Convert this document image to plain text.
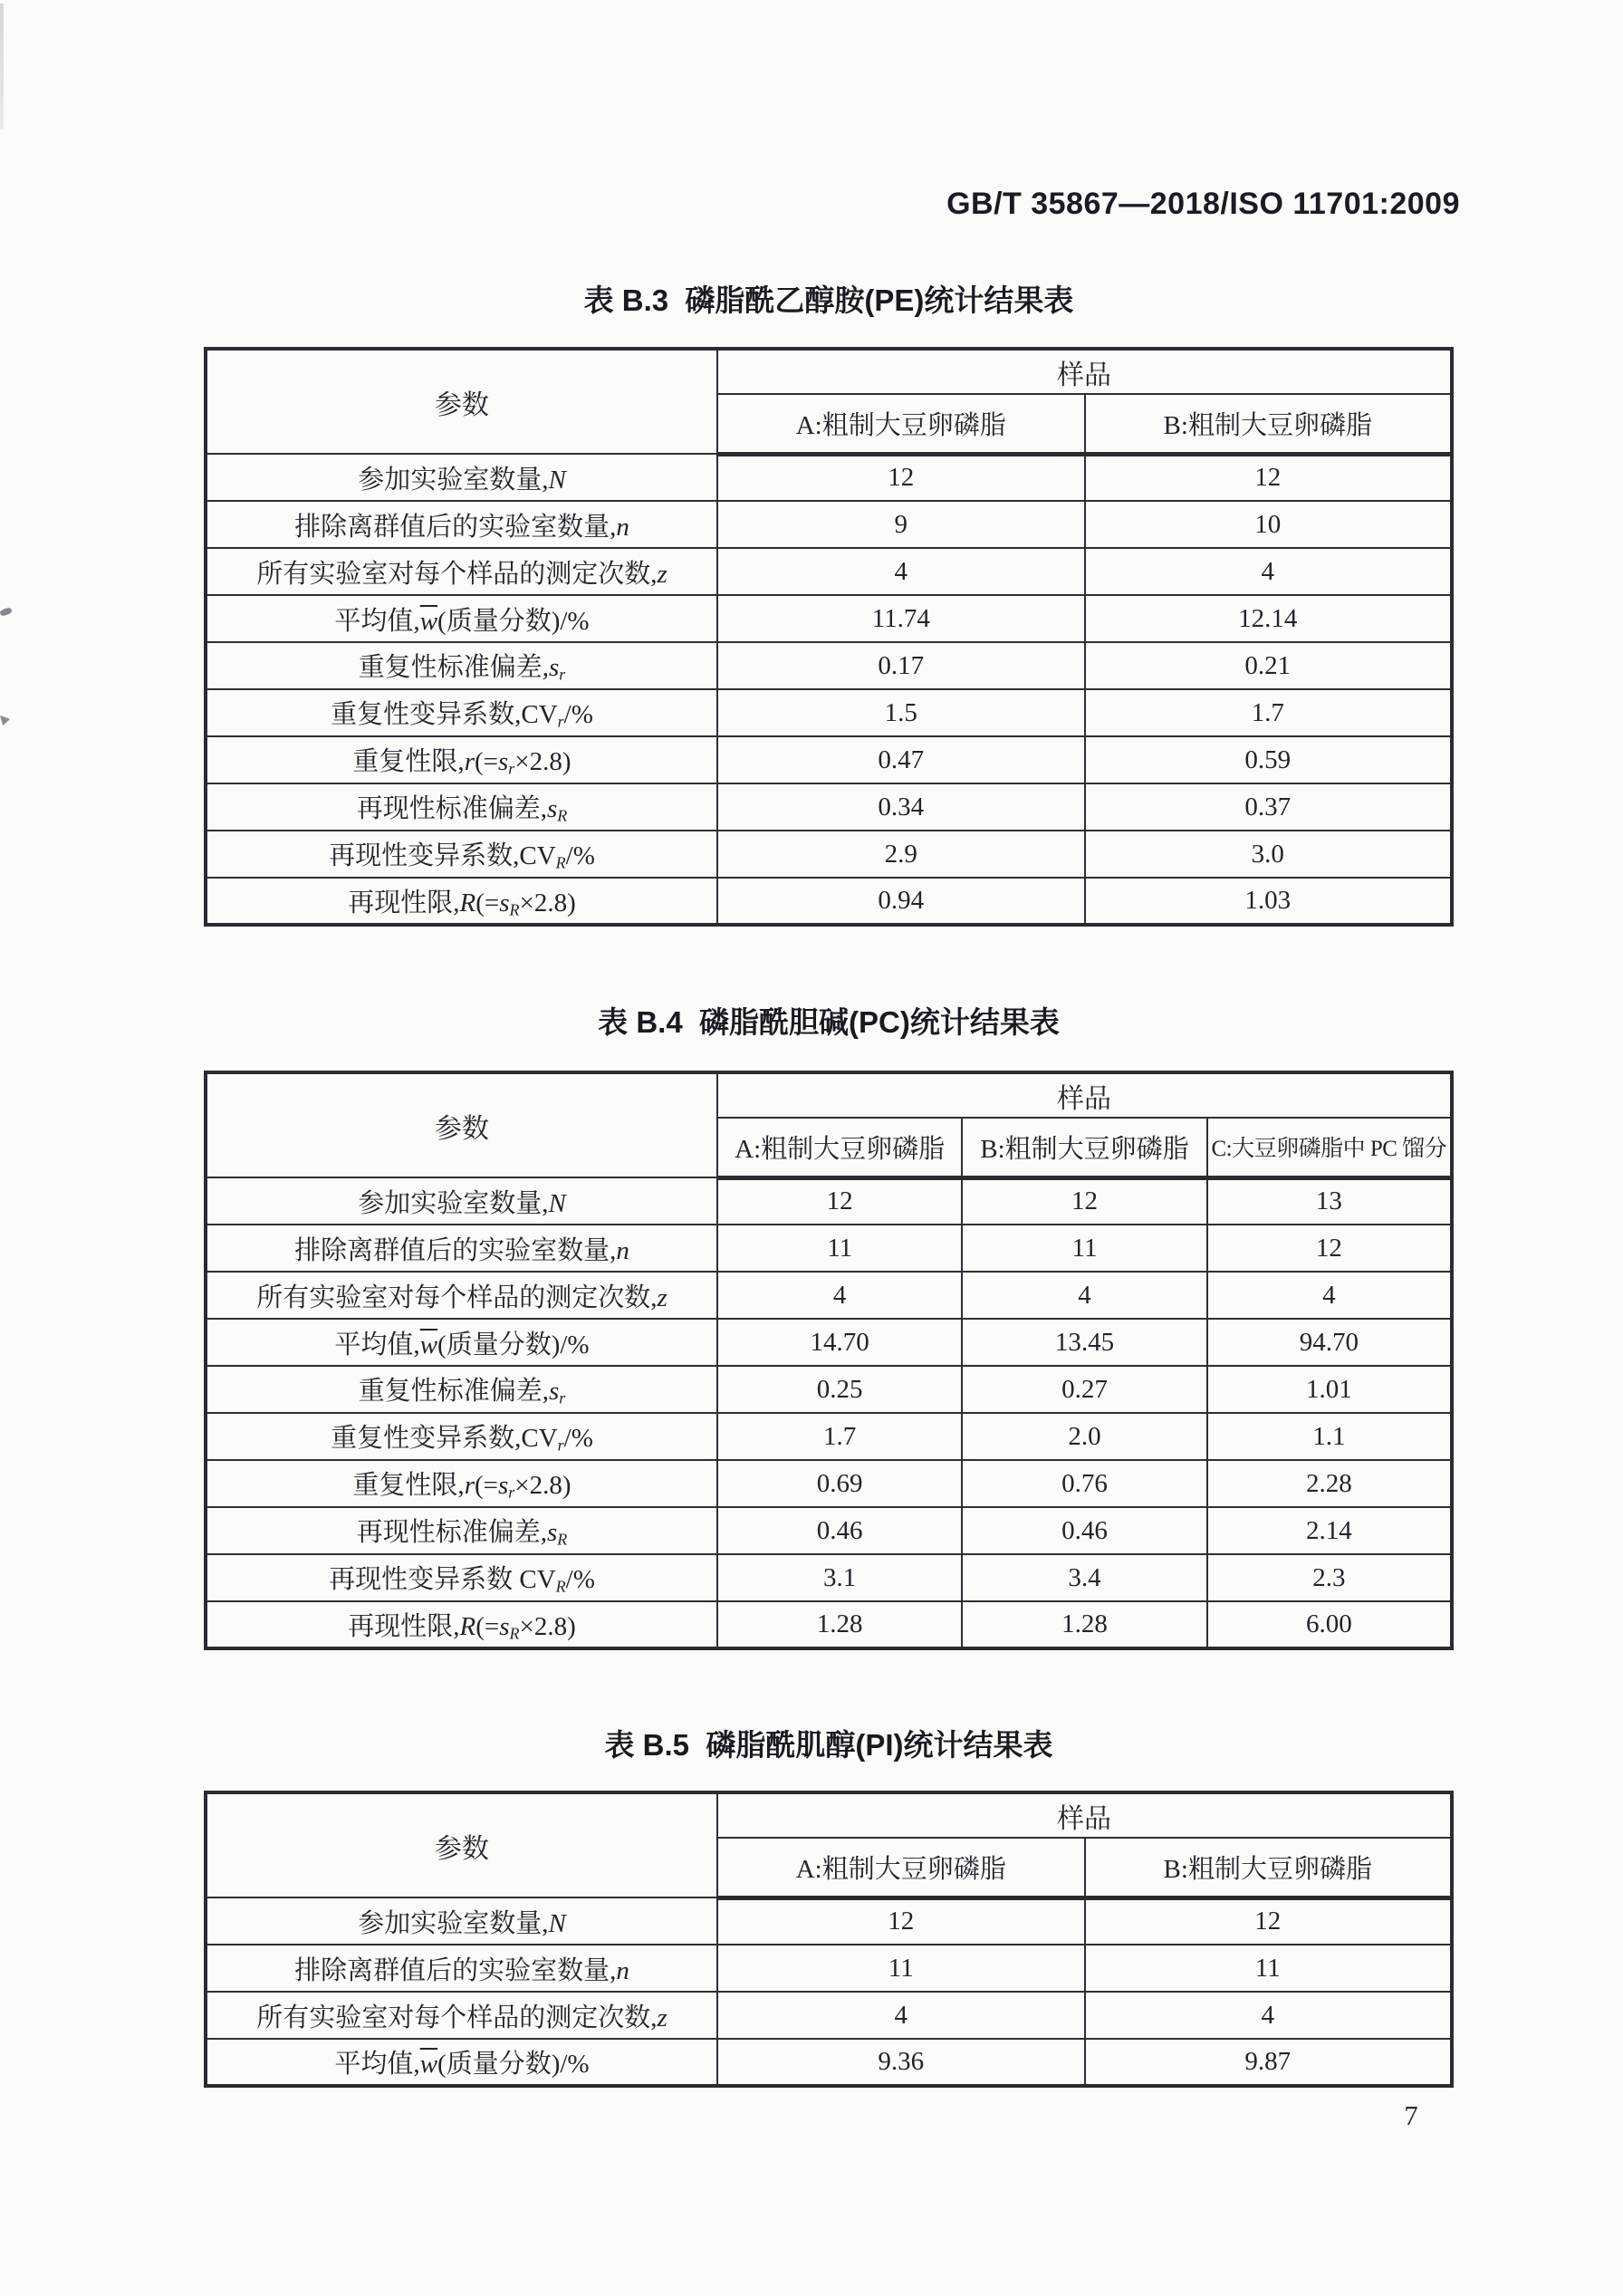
GB/T 35867—2018/ISO 11701:2009
表 B.3  磷脂酰乙醇胺(PE)统计结果表
参数	样品	
	A:粗制大豆卵磷脂	B:粗制大豆卵磷脂
参加实验室数量,N	12	12
排除离群值后的实验室数量,n	9	10
所有实验室对每个样品的测定次数,z	4	4
平均值$,\overline{w}$(质量分数)/%	11.74	12.14
重复性标准偏差,sr	0.17	0.21
重复性变异系数,CVr/%	1.5	1.7
重复性限,r(=sr×2.8)	0.47	0.59
再现性标准偏差,sR	0.34	0.37
再现性变异系数,CVR/%	2.9	3.0
再现性限,R(=sR×2.8)	0.94	1.03
表 B.4  磷脂酰胆碱(PC)统计结果表
参数	样品		
	A:粗制大豆卵磷脂	B:粗制大豆卵磷脂	C:大豆卵磷脂中 PC 馏分
参加实验室数量,N	12	12	13
排除离群值后的实验室数量,n	11	11	12
所有实验室对每个样品的测定次数,z	4	4	4
平均值$,\overline{w}$(质量分数)/%	14.70	13.45	94.70
重复性标准偏差,sr	0.25	0.27	1.01
重复性变异系数,CVr/%	1.7	2.0	1.1
重复性限,r(=sr×2.8)	0.69	0.76	2.28
再现性标准偏差,sR	0.46	0.46	2.14
再现性变异系数 CVR/%	3.1	3.4	2.3
再现性限,R(=sR×2.8)	1.28	1.28	6.00
表 B.5  磷脂酰肌醇(PI)统计结果表
参数	样品	
	A:粗制大豆卵磷脂	B:粗制大豆卵磷脂
参加实验室数量,N	12	12
排除离群值后的实验室数量,n	11	11
所有实验室对每个样品的测定次数,z	4	4
平均值$,\overline{w}$(质量分数)/%	9.36	9.87
7
